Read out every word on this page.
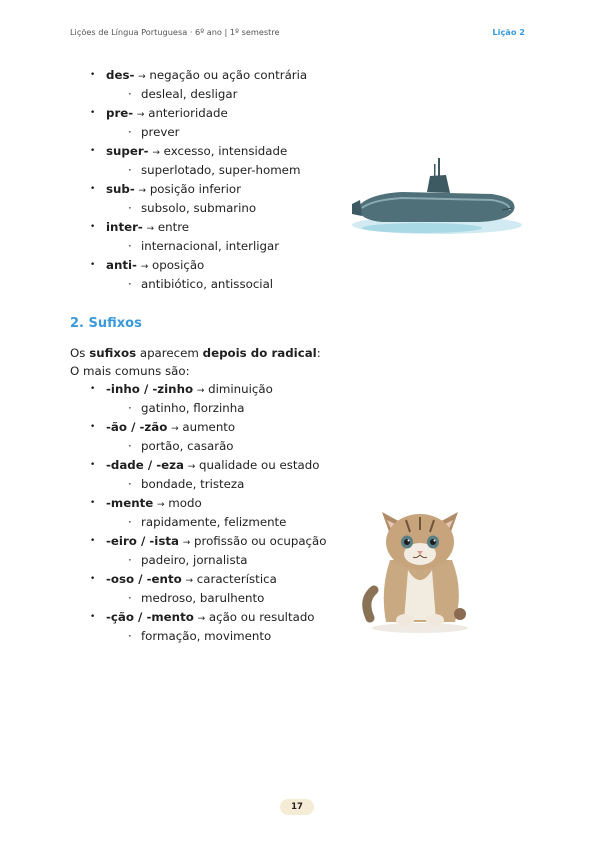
Lições de Língua Portuguesa · 6º ano | 1º semestre	Lição 2
• des- → negação ou ação contrária
· desleal, desligar
• pre- → anterioridade
· prever
• super- → excesso, intensidade
· superlotado, super-homem
• sub- → posição inferior
· subsolo, submarino
• inter- → entre
· internacional, interligar
• anti- → oposição
· antibiótico, antissocial
2. Sufixos
Os sufixos aparecem depois do radical:
O mais comuns são:
• -inho / -zinho → diminuição
· gatinho, florzinha
• -ão / -zão → aumento
· portão, casarão
• -dade / -eza → qualidade ou estado
· bondade, tristeza
• -mente → modo
· rapidamente, felizmente
• -eiro / -ista → profissão ou ocupação
· padeiro, jornalista
• -oso / -ento → característica
· medroso, barulhento
• -ção / -mento → ação ou resultado
· formação, movimento
17
